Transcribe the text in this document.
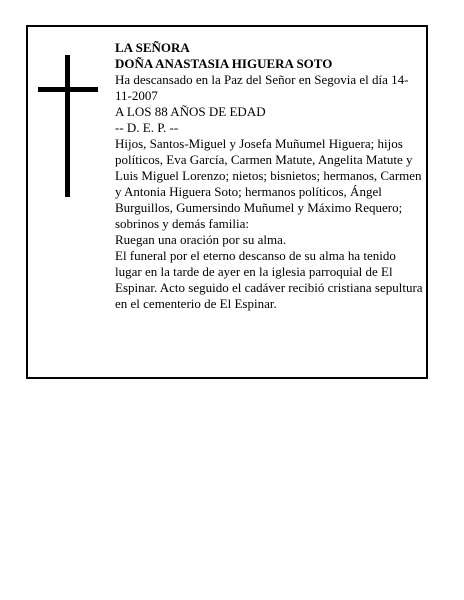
LA SEÑORA

DOÑA ANASTASIA HIGUERA SOTO

Ha descansado en la Paz del Señor en Segovia el día 14-11-2007

A LOS 88 AÑOS DE EDAD

-- D. E. P. --

Hijos, Santos-Miguel y Josefa Muñumel Higuera; hijos políticos, Eva García, Carmen Matute, Angelita Matute y Luis Miguel Lorenzo; nietos; bisnietos; hermanos, Carmen y Antonia Higuera Soto; hermanos políticos, Ángel Burguillos, Gumersindo Muñumel y Máximo Requero; sobrinos y demás familia:

Ruegan una oración por su alma.

El funeral por el eterno descanso de su alma ha tenido lugar en la tarde de ayer en la iglesia parroquial de El Espinar. Acto seguido el cadáver recibió cristiana sepultura en el cementerio de El Espinar.
